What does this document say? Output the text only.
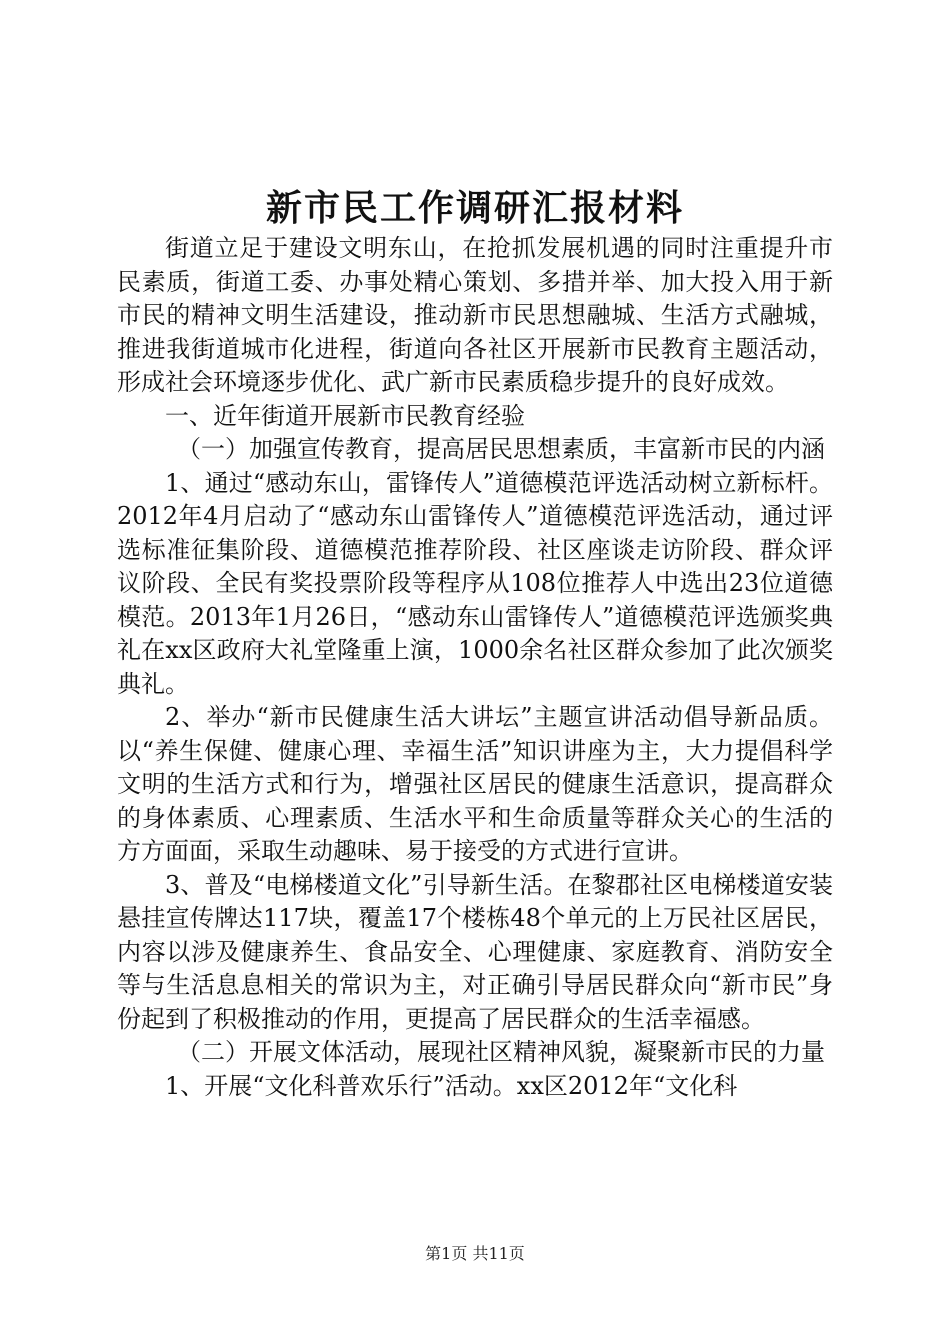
新市民工作调研汇报材料

街道立足于建设文明东山，在抢抓发展机遇的同时注重提升市民素质，街道工委、办事处精心策划、多措并举、加大投入用于新市民的精神文明生活建设，推动新市民思想融城、生活方式融城，推进我街道城市化进程，街道向各社区开展新市民教育主题活动，形成社会环境逐步优化、武广新市民素质稳步提升的良好成效。

一、近年街道开展新市民教育经验

（一）加强宣传教育，提高居民思想素质，丰富新市民的内涵

1、通过“感动东山，雷锋传人”道德模范评选活动树立新标杆。2012年4月启动了“感动东山雷锋传人”道德模范评选活动，通过评选标准征集阶段、道德模范推荐阶段、社区座谈走访阶段、群众评议阶段、全民有奖投票阶段等程序从108位推荐人中选出23位道德模范。2013年1月26日，“感动东山雷锋传人”道德模范评选颁奖典礼在xx区政府大礼堂隆重上演，1000余名社区群众参加了此次颁奖典礼。

2、举办“新市民健康生活大讲坛”主题宣讲活动倡导新品质。以“养生保健、健康心理、幸福生活”知识讲座为主，大力提倡科学文明的生活方式和行为，增强社区居民的健康生活意识，提高群众的身体素质、心理素质、生活水平和生命质量等群众关心的生活的方方面面，采取生动趣味、易于接受的方式进行宣讲。

3、普及“电梯楼道文化”引导新生活。在黎郡社区电梯楼道安装悬挂宣传牌达117块，覆盖17个楼栋48个单元的上万民社区居民，内容以涉及健康养生、食品安全、心理健康、家庭教育、消防安全等与生活息息相关的常识为主，对正确引导居民群众向“新市民”身份起到了积极推动的作用，更提高了居民群众的生活幸福感。

（二）开展文体活动，展现社区精神风貌，凝聚新市民的力量

1、开展“文化科普欢乐行”活动。xx区2012年“文化科

第1页 共11页
